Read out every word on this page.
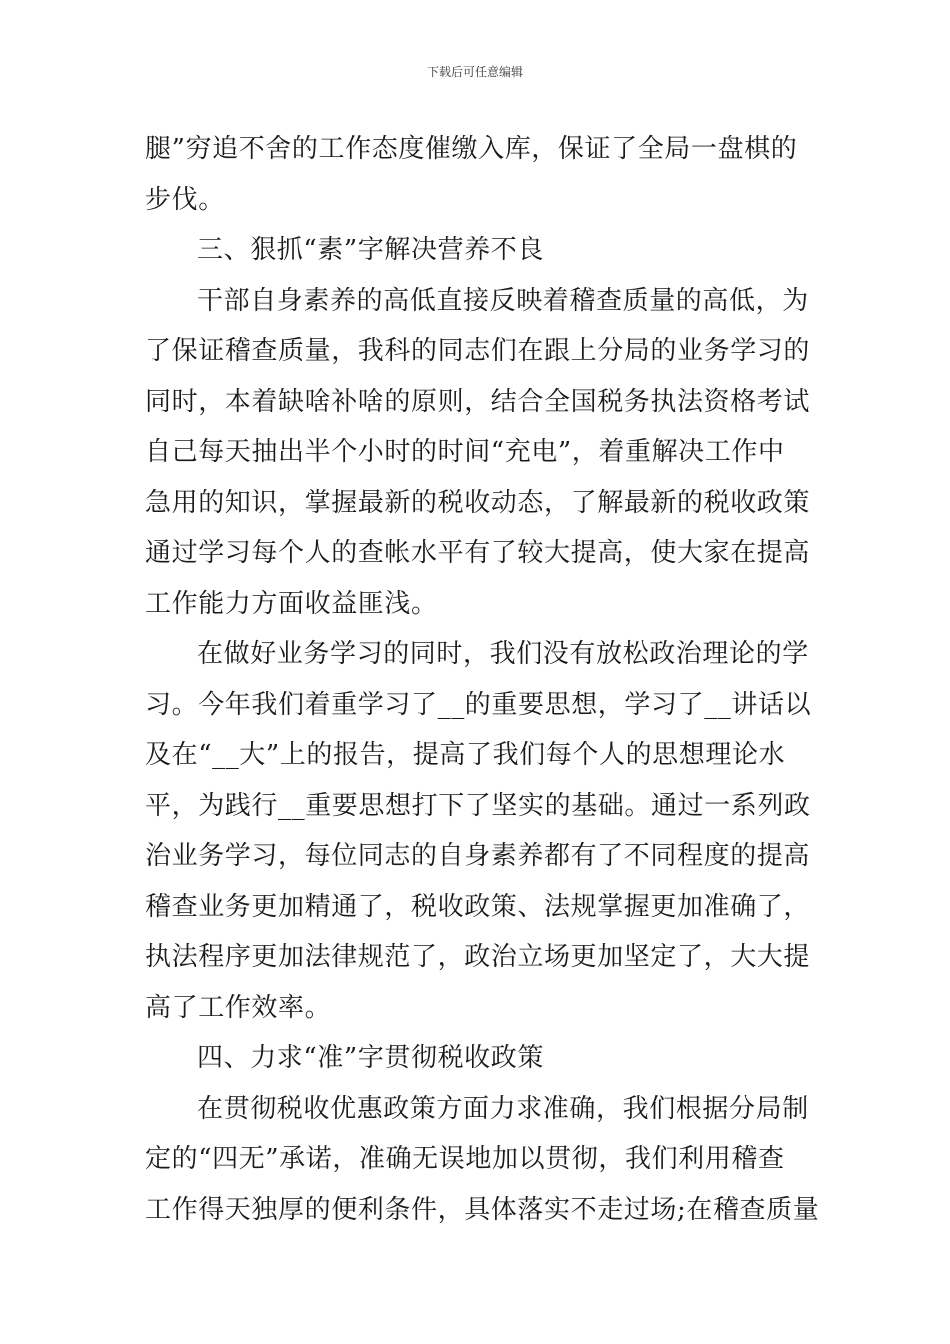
下载后可任意编辑
腿”穷追不舍的工作态度催缴入库，保证了全局一盘棋的
步伐。
三、狠抓“素”字解决营养不良
干部自身素养的高低直接反映着稽查质量的高低，为
了保证稽查质量，我科的同志们在跟上分局的业务学习的
同时，本着缺啥补啥的原则，结合全国税务执法资格考试
自己每天抽出半个小时的时间“充电”，着重解决工作中
急用的知识，掌握最新的税收动态，了解最新的税收政策
通过学习每个人的查帐水平有了较大提高，使大家在提高
工作能力方面收益匪浅。
在做好业务学习的同时，我们没有放松政治理论的学
习。今年我们着重学习了__的重要思想，学习了__讲话以
及在“__大”上的报告，提高了我们每个人的思想理论水
平，为践行__重要思想打下了坚实的基础。通过一系列政
治业务学习，每位同志的自身素养都有了不同程度的提高
稽查业务更加精通了，税收政策、法规掌握更加准确了，
执法程序更加法律规范了，政治立场更加坚定了，大大提
高了工作效率。
四、力求“准”字贯彻税收政策
在贯彻税收优惠政策方面力求准确，我们根据分局制
定的“四无”承诺，准确无误地加以贯彻，我们利用稽查
工作得天独厚的便利条件，具体落实不走过场;在稽查质量
